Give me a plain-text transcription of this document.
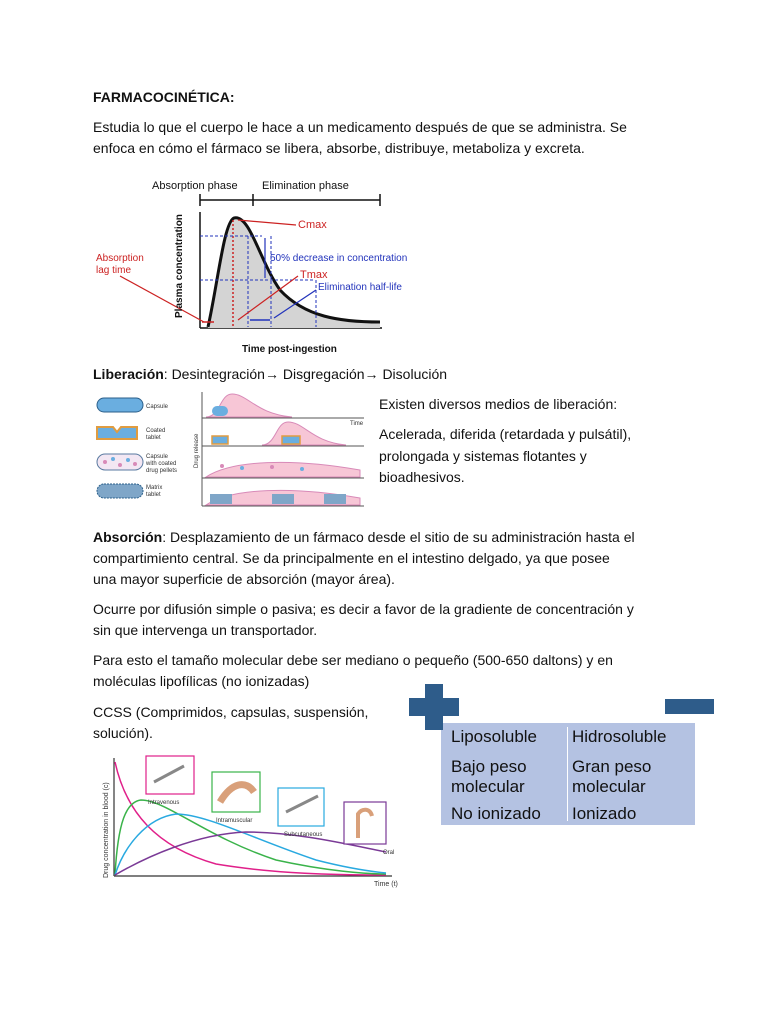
FARMACOCINÉTICA:
Estudia lo que el cuerpo le hace a un medicamento después de que se administra. Se
enfoca en cómo el fármaco se libera, absorbe, distribuye, metaboliza y excreta.
Absorption phase Elimination phase
Cmax
50% decrease in concentration
Tmax
Elimination half-life
Absorption
lag time	Plasma concentration
Time post-ingestion
Liberación: Desintegración→ Disgregación→ Disolución
Capsule
Coated
tablet
Capsule
with coated
drug pellets
Matrix
tablet
Time
Drug release
Existen diversos medios de liberación:
Acelerada, diferida (retardada y pulsátil),
prolongada y sistemas flotantes y
bioadhesivos.
Absorción: Desplazamiento de un fármaco desde el sitio de su administración hasta el
compartimiento central. Se da principalmente en el intestino delgado, ya que posee
una mayor superficie de absorción (mayor área).
Ocurre por difusión simple o pasiva; es decir a favor de la gradiente de concentración y
sin que intervenga un transportador.
Para esto el tamaño molecular debe ser mediano o pequeño (500-650 daltons) y en
moléculas lipofílicas (no ionizadas)
CCSS (Comprimidos, capsulas, suspensión,
solución).	Liposoluble
Bajo peso
molecular
No ionizado
Hidrosoluble
Gran peso
molecular
Ionizado
Drug concentration in blood (c)
Time (t)
Intravenous
Intramuscular
Subcutaneous
Oral
